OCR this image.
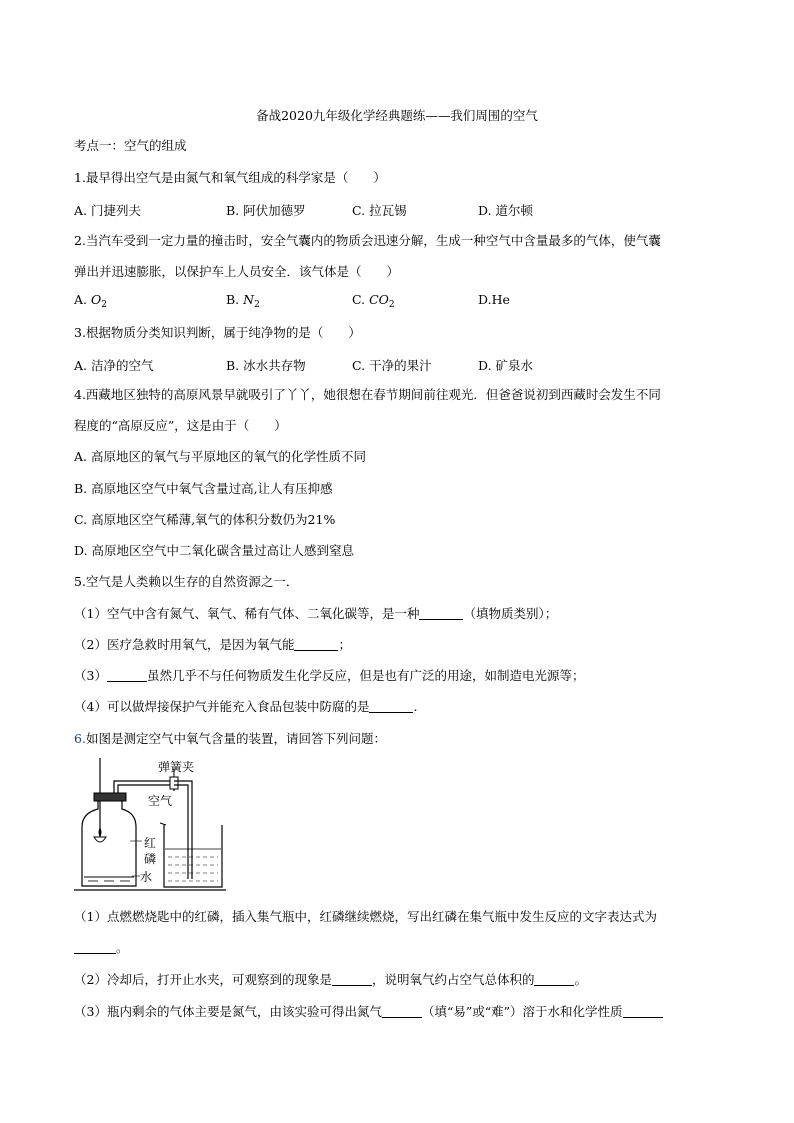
备战2020九年级化学经典题练——我们周围的空气
考点一：空气的组成
1.最早得出空气是由氮气和氧气组成的科学家是（　　）
A. 门捷列夫	B. 阿伏加德罗	C. 拉瓦锡	D. 道尔顿
2.当汽车受到一定力量的撞击时，安全气囊内的物质会迅速分解，生成一种空气中含量最多的气体，使气囊
弹出并迅速膨胀，以保护车上人员安全．该气体是（　　）
A. $O_2$	B. $N_2$	C. $CO_2$	D.He
3.根据物质分类知识判断，属于纯净物的是（　　）
A. 洁净的空气	B. 冰水共存物	C. 干净的果汁	D. 矿泉水
4.西藏地区独特的高原风景早就吸引了丫丫，她很想在春节期间前往观光．但爸爸说初到西藏时会发生不同
程度的“高原反应”，这是由于（　　）
A. 高原地区的氧气与平原地区的氧气的化学性质不同
B. 高原地区空气中氧气含量过高,让人有压抑感
C. 高原地区空气稀薄,氧气的体积分数仍为21%
D. 高原地区空气中二氧化碳含量过高让人感到窒息
5.空气是人类赖以生存的自然资源之一．
（1）空气中含有氮气、氧气、稀有气体、二氧化碳等，是一种	（填物质类别）；
（2）医疗急救时用氧气，是因为氧气能	；
（3）	虽然几乎不与任何物质发生化学反应，但是也有广泛的用途，如制造电光源等；
（4）可以做焊接保护气并能充入食品包装中防腐的是	.
6.如图是测定空气中氧气含量的装置，请回答下列问题：
弹簧夹
空气
红
磷
水
（1）点燃燃烧匙中的红磷，插入集气瓶中，红磷继续燃烧，写出红磷在集气瓶中发生反应的文字表达式为
。
（2）冷却后，打开止水夹，可观察到的现象是	，说明氧气约占空气总体积的	。
（3）瓶内剩余的气体主要是氮气，由该实验可得出氮气	（填“易”或“难”）溶于水和化学性质
